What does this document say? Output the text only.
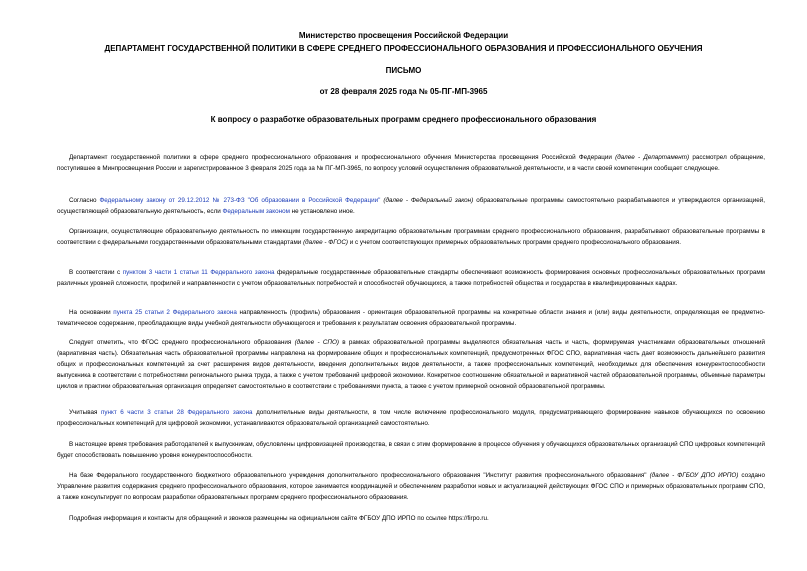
Министерство просвещения Российской Федерации
ДЕПАРТАМЕНТ ГОСУДАРСТВЕННОЙ ПОЛИТИКИ В СФЕРЕ СРЕДНЕГО ПРОФЕССИОНАЛЬНОГО ОБРАЗОВАНИЯ И ПРОФЕССИОНАЛЬНОГО ОБУЧЕНИЯ
ПИСЬМО
от 28 февраля 2025 года № 05-ПГ-МП-3965
К вопросу о разработке образовательных программ среднего профессионального образования
Департамент государственной политики в сфере среднего профессионального образования и профессионального обучения Министерства просвещения Российской Федерации (далее - Департамент) рассмотрел обращение, поступившее в Минпросвещения России и зарегистрированное 3 февраля 2025 года за № ПГ-МП-3965, по вопросу условий осуществления образовательной деятельности, и в части своей компетенции сообщает следующее.
Согласно Федеральному закону от 29.12.2012 № 273-ФЗ "Об образовании в Российской Федерации" (далее - Федеральный закон) образовательные программы самостоятельно разрабатываются и утверждаются организацией, осуществляющей образовательную деятельность, если Федеральным законом не установлено иное.
Организации, осуществляющие образовательную деятельность по имеющим государственную аккредитацию образовательным программам среднего профессионального образования, разрабатывают образовательные программы в соответствии с федеральными государственными образовательными стандартами (далее - ФГОС) и с учетом соответствующих примерных образовательных программ среднего профессионального образования.
В соответствии с пунктом 3 части 1 статьи 11 Федерального закона федеральные государственные образовательные стандарты обеспечивают возможность формирования основных профессиональных образовательных программ различных уровней сложности, профилей и направленности с учетом образовательных потребностей и способностей обучающихся, а также потребностей общества и государства в квалифицированных кадрах.
На основании пункта 25 статьи 2 Федерального закона направленность (профиль) образования - ориентация образовательной программы на конкретные области знания и (или) виды деятельности, определяющая ее предметно-тематическое содержание, преобладающие виды учебной деятельности обучающегося и требования к результатам освоения образовательной программы.
Следует отметить, что ФГОС среднего профессионального образования (далее - СПО) в рамках образовательной программы выделяются обязательная часть и часть, формируемая участниками образовательных отношений (вариативная часть). Обязательная часть образовательной программы направлена на формирование общих и профессиональных компетенций, предусмотренных ФГОС СПО, вариативная часть дает возможность дальнейшего развития общих и профессиональных компетенций за счет расширения видов деятельности, введения дополнительных видов деятельности, а также профессиональных компетенций, необходимых для обеспечения конкурентоспособности выпускника в соответствии с потребностями регионального рынка труда, а также с учетом требований цифровой экономики. Конкретное соотношение обязательной и вариативной частей образовательной программы, объемные параметры циклов и практики образовательная организация определяет самостоятельно в соответствии с требованиями пункта, а также с учетом примерной основной образовательной программы.
Учитывая пункт 6 части 3 статьи 28 Федерального закона дополнительные виды деятельности, в том числе включение профессионального модуля, предусматривающего формирование навыков обучающихся по освоению профессиональных компетенций для цифровой экономики, устанавливаются образовательной организацией самостоятельно.
В настоящее время требования работодателей к выпускникам, обусловлены цифровизацией производства, в связи с этим формирование в процессе обучения у обучающихся образовательных организаций СПО цифровых компетенций будет способствовать повышению уровня конкурентоспособности.
На базе Федерального государственного бюджетного образовательного учреждения дополнительного профессионального образования "Институт развития профессионального образования" (далее - ФГБОУ ДПО ИРПО) создано Управление развития содержания среднего профессионального образования, которое занимается координацией и обеспечением разработки новых и актуализацией действующих ФГОС СПО и примерных образовательных программ СПО, а также консультирует по вопросам разработки образовательных программ среднего профессионального образования.
Подробная информация и контакты для обращений и звонков размещены на официальном сайте ФГБОУ ДПО ИРПО по ссылке https://firpo.ru.
